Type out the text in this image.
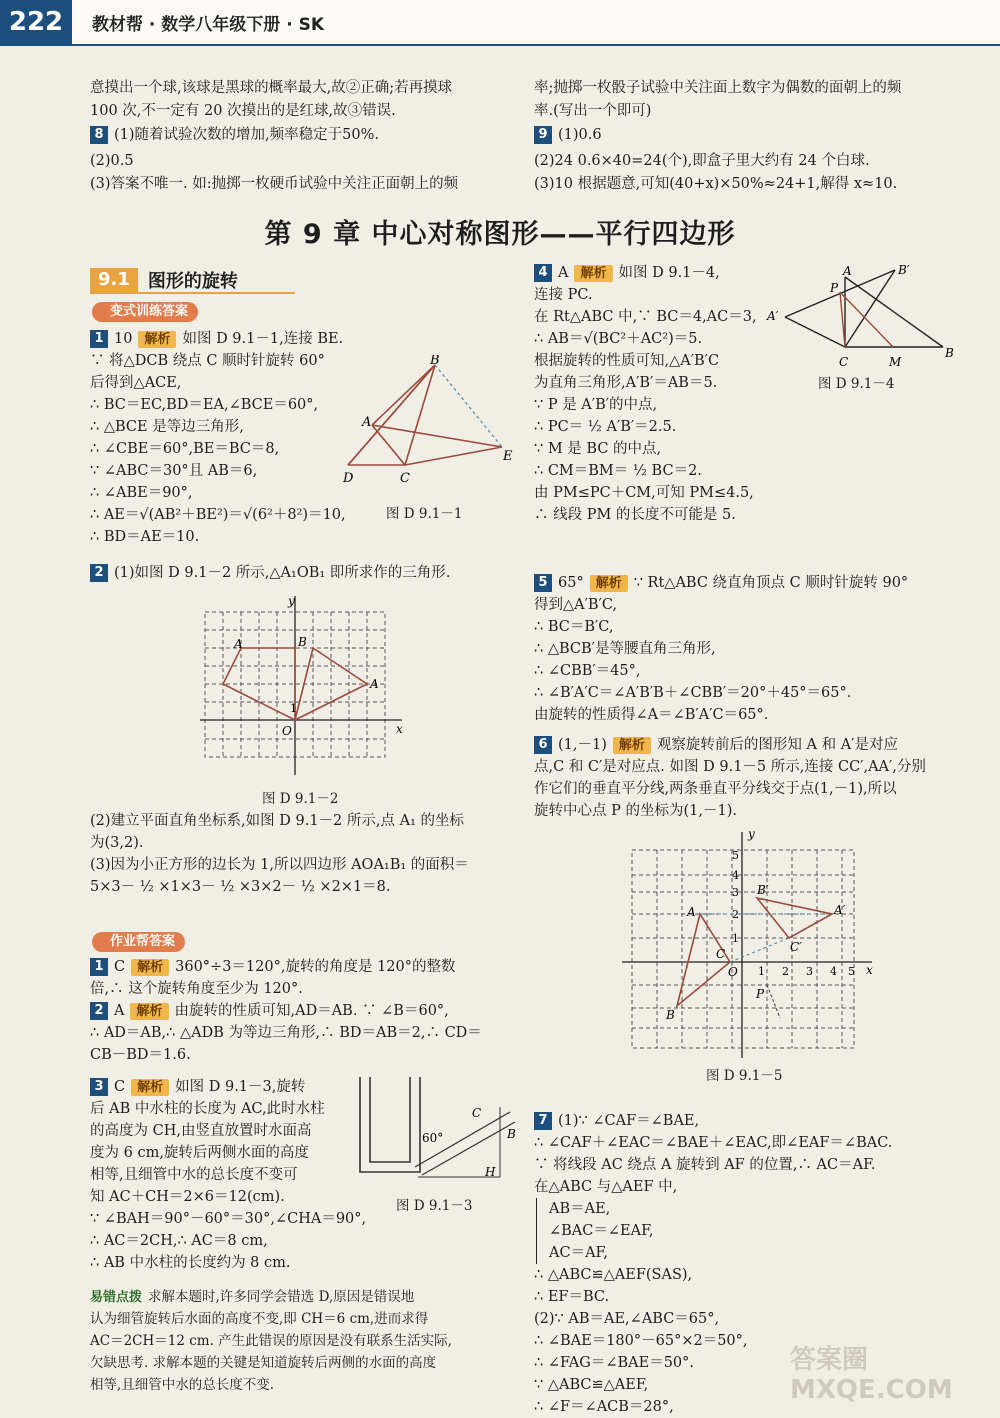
222	教材帮 · 数学八年级下册 · SK
意摸出一个球,该球是黑球的概率最大,故②正确;若再摸球
100 次,不一定有 20 次摸出的是红球,故③错误.
8 (1)随着试验次数的增加,频率稳定于50%.
(2)0.5
(3)答案不唯一. 如:抛掷一枚硬币试验中关注正面朝上的频
率;抛掷一枚骰子试验中关注面上数字为偶数的面朝上的频
率.(写出一个即可)
9 (1)0.6
(2)24 0.6×40=24(个),即盒子里大约有 24 个白球.
(3)10 根据题意,可知(40+x)×50%≈24+1,解得 x≈10.
第 9 章 中心对称图形——平行四边形
9.1	图形的旋转
变式训练答案
1 10 解析 如图 D 9.1－1,连接 BE.
∵ 将△DCB 绕点 C 顺时针旋转 60°
后得到△ACE,
∴ BC＝EC,BD＝EA,∠BCE＝60°,
∴ △BCE 是等边三角形,
∴ ∠CBE＝60°,BE＝BC＝8,
∵ ∠ABC＝30°且 AB＝6,
∴ ∠ABE＝90°,
∴ AE＝√(AB²＋BE²)＝√(6²＋8²)＝10,
∴ BD＝AE＝10.
B
A
D	C
E
图 D 9.1－1
2 (1)如图 D 9.1－2 所示,△A₁OB₁ 即所求作的三角形.
y
x
O
A	B
A
1
图 D 9.1－2
(2)建立平面直角坐标系,如图 D 9.1－2 所示,点 A₁ 的坐标
为(3,2).
(3)因为小正方形的边长为 1,所以四边形 AOA₁B₁ 的面积＝
5×3－ ½ ×1×3－ ½ ×3×2－ ½ ×2×1＝8.
作业帮答案
1 C 解析 360°÷3＝120°,旋转的角度是 120°的整数
倍,∴ 这个旋转角度至少为 120°.
2 A 解析 由旋转的性质可知,AD＝AB. ∵ ∠B＝60°,
∴ AD＝AB,∴ △ADB 为等边三角形,∴ BD＝AB＝2,∴ CD＝
CB－BD＝1.6.
3 C 解析 如图 D 9.1－3,旋转
后 AB 中水柱的长度为 AC,此时水柱
的高度为 CH,由竖直放置时水面高
度为 6 cm,旋转后两侧水面的高度
相等,且细管中水的总长度不变可
知 AC＋CH＝2×6＝12(cm).
∵ ∠BAH＝90°－60°＝30°,∠CHA＝90°,
∴ AC＝2CH,∴ AC＝8 cm,
∴ AB 中水柱的长度约为 8 cm.
60°
C
B
H
图 D 9.1－3
易错点拨 求解本题时,许多同学会错选 D,原因是错误地
认为细管旋转后水面的高度不变,即 CH＝6 cm,进而求得
AC＝2CH＝12 cm. 产生此错误的原因是没有联系生活实际,
欠缺思考. 求解本题的关键是知道旋转后两侧的水面的高度
相等,且细管中水的总长度不变.
4 A 解析 如图 D 9.1－4,
连接 PC.
在 Rt△ABC 中,∵ BC＝4,AC＝3,
∴ AB＝√(BC²＋AC²)＝5.
根据旋转的性质可知,△A′B′C
为直角三角形,A′B′＝AB＝5.
∵ P 是 A′B′的中点,
∴ PC＝ ½ A′B′＝2.5.
∵ M 是 BC 的中点,
∴ CM＝BM＝ ½ BC＝2.
由 PM≤PC＋CM,可知 PM≤4.5,
∴ 线段 PM 的长度不可能是 5.
A	B′
P
A′
C	M
B
图 D 9.1－4
5 65° 解析 ∵ Rt△ABC 绕直角顶点 C 顺时针旋转 90°
得到△A′B′C,
∴ BC＝B′C,
∴ △BCB′是等腰直角三角形,
∴ ∠CBB′＝45°,
∴ ∠B′A′C＝∠A′B′B＋∠CBB′＝20°＋45°＝65°.
由旋转的性质得∠A＝∠B′A′C＝65°.
6 (1,－1) 解析 观察旋转前后的图形知 A 和 A′是对应
点,C 和 C′是对应点. 如图 D 9.1－5 所示,连接 CC′,AA′,分别
作它们的垂直平分线,两条垂直平分线交于点(1,－1),所以
旋转中心点 P 的坐标为(1,－1).
y
x
O
A
C
B
B′
A′
C′
P
1 2 3 4 5
5
4
3
2
1
图 D 9.1－5
7 (1)∵ ∠CAF＝∠BAE,
∴ ∠CAF＋∠EAC＝∠BAE＋∠EAC,即∠EAF＝∠BAC.
∵ 将线段 AC 绕点 A 旋转到 AF 的位置,∴ AC＝AF.
在△ABC 与△AEF 中,
AB＝AE,
∠BAC＝∠EAF,
AC＝AF,
∴ △ABC≌△AEF(SAS),
∴ EF＝BC.
(2)∵ AB＝AE,∠ABC＝65°,
∴ ∠BAE＝180°－65°×2＝50°,
∴ ∠FAG＝∠BAE＝50°.
∵ △ABC≌△AEF,
∴ ∠F＝∠ACB＝28°,
答案圈 MXQE.COM
